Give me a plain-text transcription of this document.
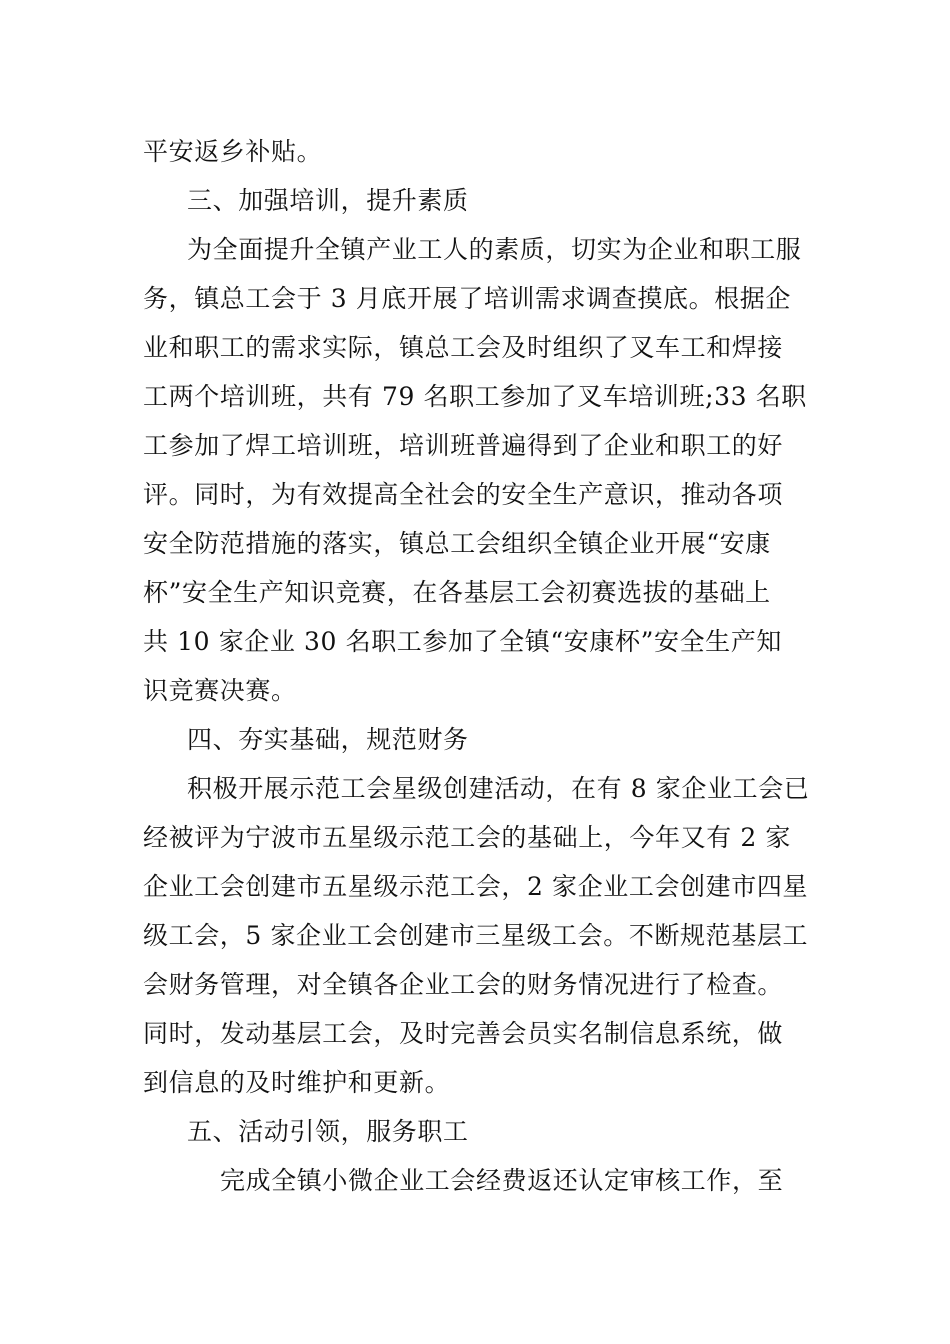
平安返乡补贴。
三、加强培训，提升素质
为全面提升全镇产业工人的素质，切实为企业和职工服
务，镇总工会于 3 月底开展了培训需求调查摸底。根据企
业和职工的需求实际，镇总工会及时组织了叉车工和焊接
工两个培训班，共有 79 名职工参加了叉车培训班;33 名职
工参加了焊工培训班，培训班普遍得到了企业和职工的好
评。同时，为有效提高全社会的安全生产意识，推动各项
安全防范措施的落实，镇总工会组织全镇企业开展“安康
杯”安全生产知识竞赛，在各基层工会初赛选拔的基础上
共 10 家企业 30 名职工参加了全镇“安康杯”安全生产知
识竞赛决赛。
四、夯实基础，规范财务
积极开展示范工会星级创建活动，在有 8 家企业工会已
经被评为宁波市五星级示范工会的基础上，今年又有 2 家
企业工会创建市五星级示范工会，2 家企业工会创建市四星
级工会，5 家企业工会创建市三星级工会。不断规范基层工
会财务管理，对全镇各企业工会的财务情况进行了检查。
同时，发动基层工会，及时完善会员实名制信息系统，做
到信息的及时维护和更新。
五、活动引领，服务职工
完成全镇小微企业工会经费返还认定审核工作，至
